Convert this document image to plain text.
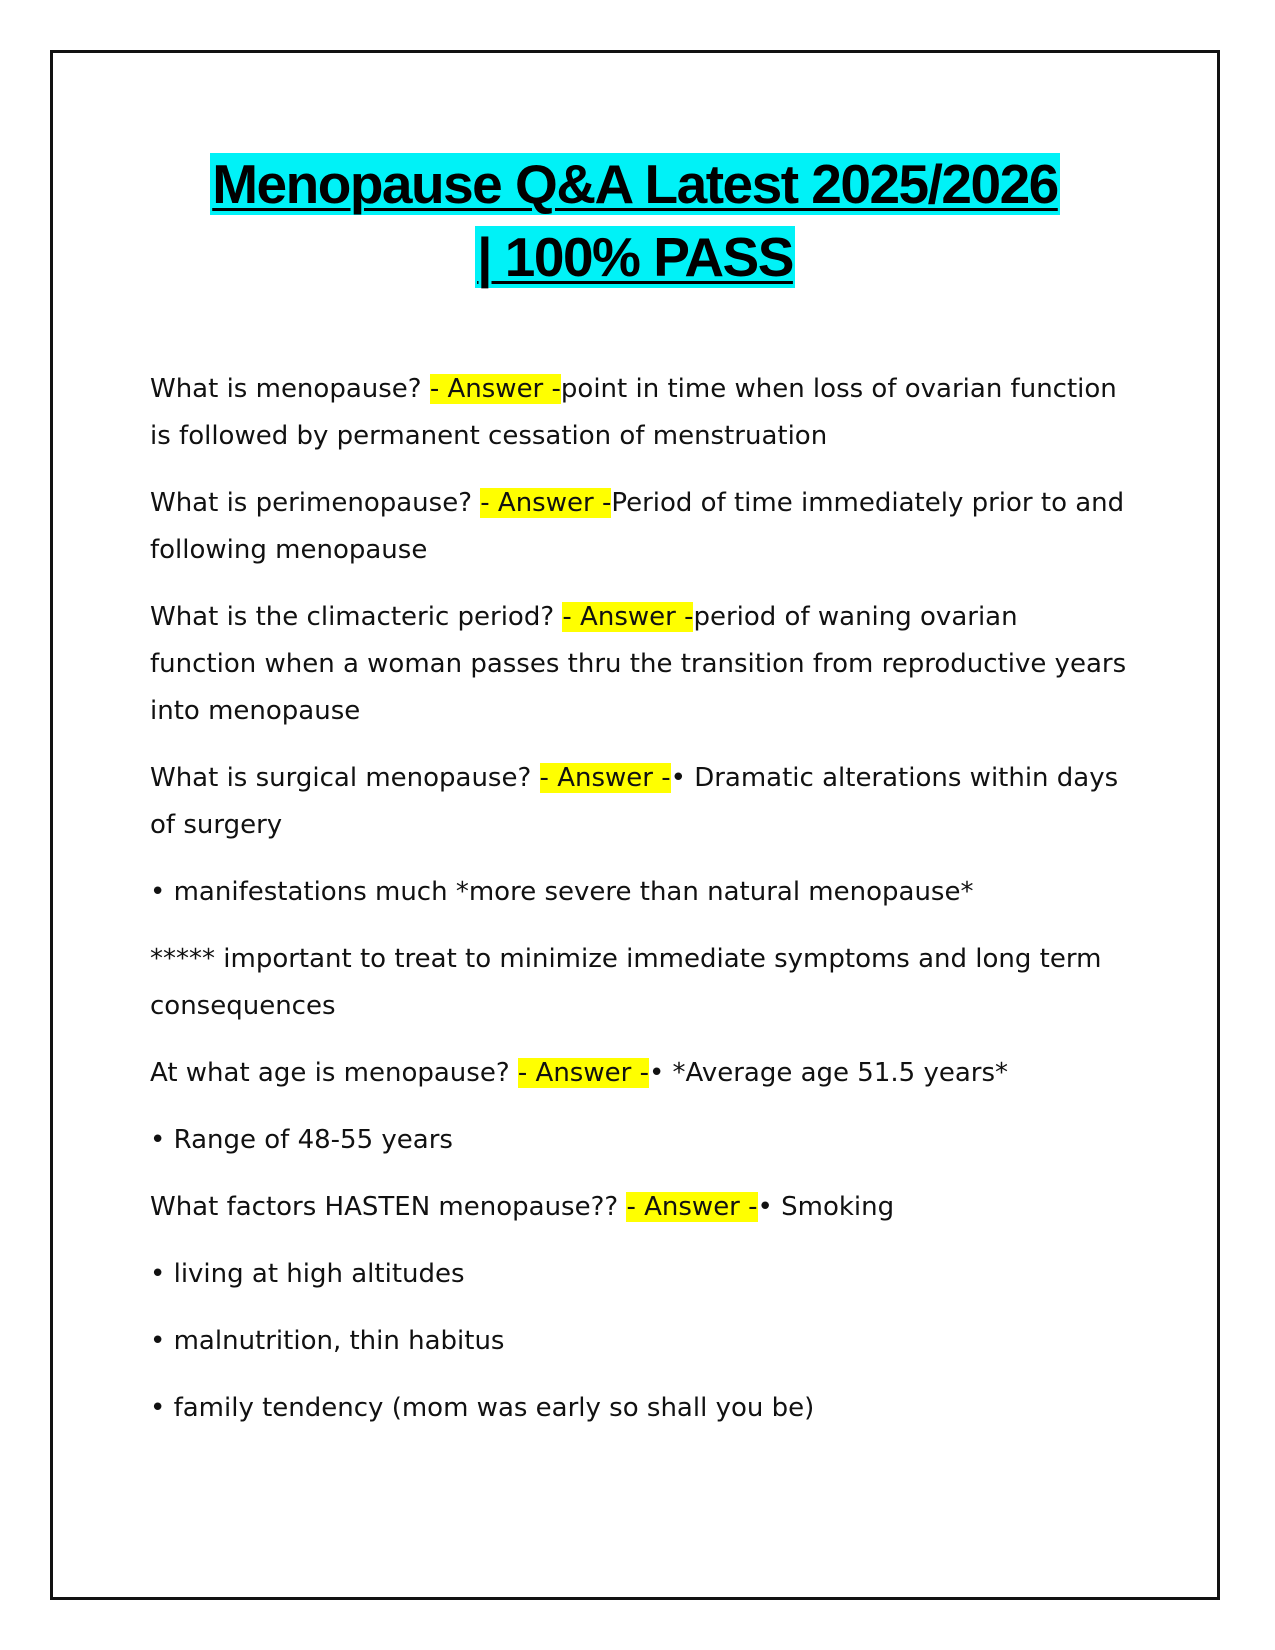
Menopause Q&A Latest 2025/2026
| 100% PASS

What is menopause? - Answer -point in time when loss of ovarian function is followed by permanent cessation of menstruation

What is perimenopause? - Answer -Period of time immediately prior to and following menopause

What is the climacteric period? - Answer -period of waning ovarian function when a woman passes thru the transition from reproductive years into menopause

What is surgical menopause? - Answer -• Dramatic alterations within days of surgery

• manifestations much *more severe than natural menopause*

***** important to treat to minimize immediate symptoms and long term consequences

At what age is menopause? - Answer -• *Average age 51.5 years*

• Range of 48-55 years

What factors HASTEN menopause?? - Answer -• Smoking

• living at high altitudes

• malnutrition, thin habitus

• family tendency (mom was early so shall you be)
